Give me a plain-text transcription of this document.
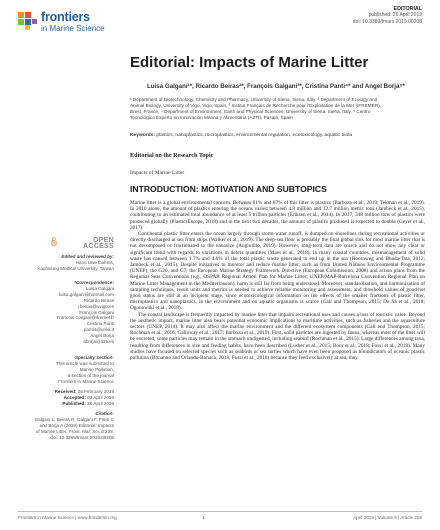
frontiers
in Marine Science
EDITORIAL
published: 26 April 2019
doi: 10.3389/fmars.2019.00208
Editorial: Impacts of Marine Litter
Luisa Galgani¹*, Ricardo Beiras²*, François Galgani³*, Cristina Panti⁴* and Angel Borja⁵*
¹ Department of Biotechnology, Chemistry and Pharmacy, University of Siena, Siena, Italy, ² Department of Ecology and
Animal Biology, University of Vigo, Vigo, Spain, ³ Institut Français de Recherche pour l'Exploitation de la Mer (IFREMER),
Brest, France, ⁴ Department of Environment, Earth and Physical Sciences, University of Siena, Siena, Italy, ⁵ Centro
Tecnológico Experto en Innovación Marina y Alimentaria (AZTI), Pasaia, Spain
Keywords: plastics, nanoplastics, microplastics, environmental regulation, ecotoxicology, aquatic biota
Editorial on the Research Topic
Impacts of Marine Litter
INTRODUCTION: MOTIVATION AND SUBTOPICS

Marine litter is a global environmental concern. Between 61% and 87% of this litter is plastics (Barboza et al., 2019; Tekman et al., 2019). In 2010 alone, the amount of plastics entering the oceans varied between 4.8 million and 12.7 million metric tons (Jambeck et al., 2015), contributing to an estimated total abundance of at least 5 trillion particles (Eriksen et al., 2014). In 2017, 348 million tons of plastics were produced globally (PlasticsEurope, 2018) and in the next two decades, the amount of plastics produced is expected to double (Geyer et al., 2017).

Continental plastic litter enters the ocean largely through storm-water runoff, is dumped on shorelines during recreational activities or directly discharged at sea from ships (Walker et al., 2019). The deep-sea floor is probably the final global sink for most marine litter that is not decomposed or fractionated to the nanosize (Angiolillo, 2019). However, long-term data are scarce and do not show any clear or significant trend with regards to variations in debris quantities (Maes et al., 2018). In many coastal countries, mismanagement of solid waste has caused between 1.7% and 4.6% of the total plastic waste generated to end up in the sea (Hoornweg and Bhada-Tata, 2012; Jambeck et al., 2015). Despite initiatives to monitor and reduce marine litter, such as from United Nations Environmental Programme (UNEP), the G20, and G7, the European Marine Strategy Framework Directive (European Commission, 2008) and action plans from the Regional Seas Conventions (e.g., OSPAR Regional Action Plan for Marine Litter; UNEP/MAP-Barcelona Convention Regional Plan on Marine Litter Management in the Mediterranean), harm is still far from being understood. Moreover, standardization, and harmonization of sampling techniques, result units and metrics is needed to achieve reliable monitoring and assessment, and threshold values of good/not good status are still at an incipient stage, since ecotoxicological information on the effects of the smaller fractions of plastic litter, microplastics and nanoplastics, in the environment and on aquatic organisms is scarce (Gall and Thompson, 2015; De Sá et al., 2018; Ogonowski et al., 2018).

The coastal landscape is frequently impacted by marine litter that impairs recreational uses and causes a loss of touristic value. Beyond the aesthetic impact, marine litter also bears potential economic implications to maritime activities, such as fisheries and the aquaculture sectors (UNEP, 2014). It may also affect the marine environment and the different ecosystem components (Gall and Thompson, 2015; Rochman et al., 2016; Galloway et al., 2017; Barboza et al., 2019). First, solid particles are ingested by fauna, whereas most of the litter will be excreted, some particles may remain in the stomach undigested, including seabird (Rochman et al., 2015). Large differences among taxa, resulting from differences in size and feeding habits, have been described (Lusher et al., 2015; Bour et al., 2018; Fossi et al., 2018). Many studies have focused on selected species such as seabirds or sea turtles which have even been proposed as bioindicators of oceanic plastic pollution (Bonanno and Orlando-Bonaca, 2018; Fossi et al., 2018) because they feed exclusively at sea, they

OPEN ACCESS
Edited and reviewed by:
Hans Uwe Dahms,
Kaohsiung Medical University, Taiwan
*Correspondence:
Luisa Galgani
luisa.galgani@hotmail.com
Ricardo Beiras
rbeiras@uvigo.es
François Galgani
Francois.Galgani@ifremer.fr
Cristina Panti
panti4@unisi.it
Angel Borja
aborja@azti.es
Specialty section:
This article was submitted to
Marine Pollution,
a section of the journal
Frontiers in Marine Science
Received: 26 February 2019
Accepted: 03 April 2019
Published: 26 April 2019
Citation:
Galgani L, Beiras R, Galgani F, Panti C
and Borja A (2019) Editorial: Impacts
of Marine Litter. Front. Mar. Sci. 6:208.
doi: 10.3389/fmars.2019.00208
Frontiers in Marine Science | www.frontiersin.org	1	April 2019 | Volume 6 | Article 208
